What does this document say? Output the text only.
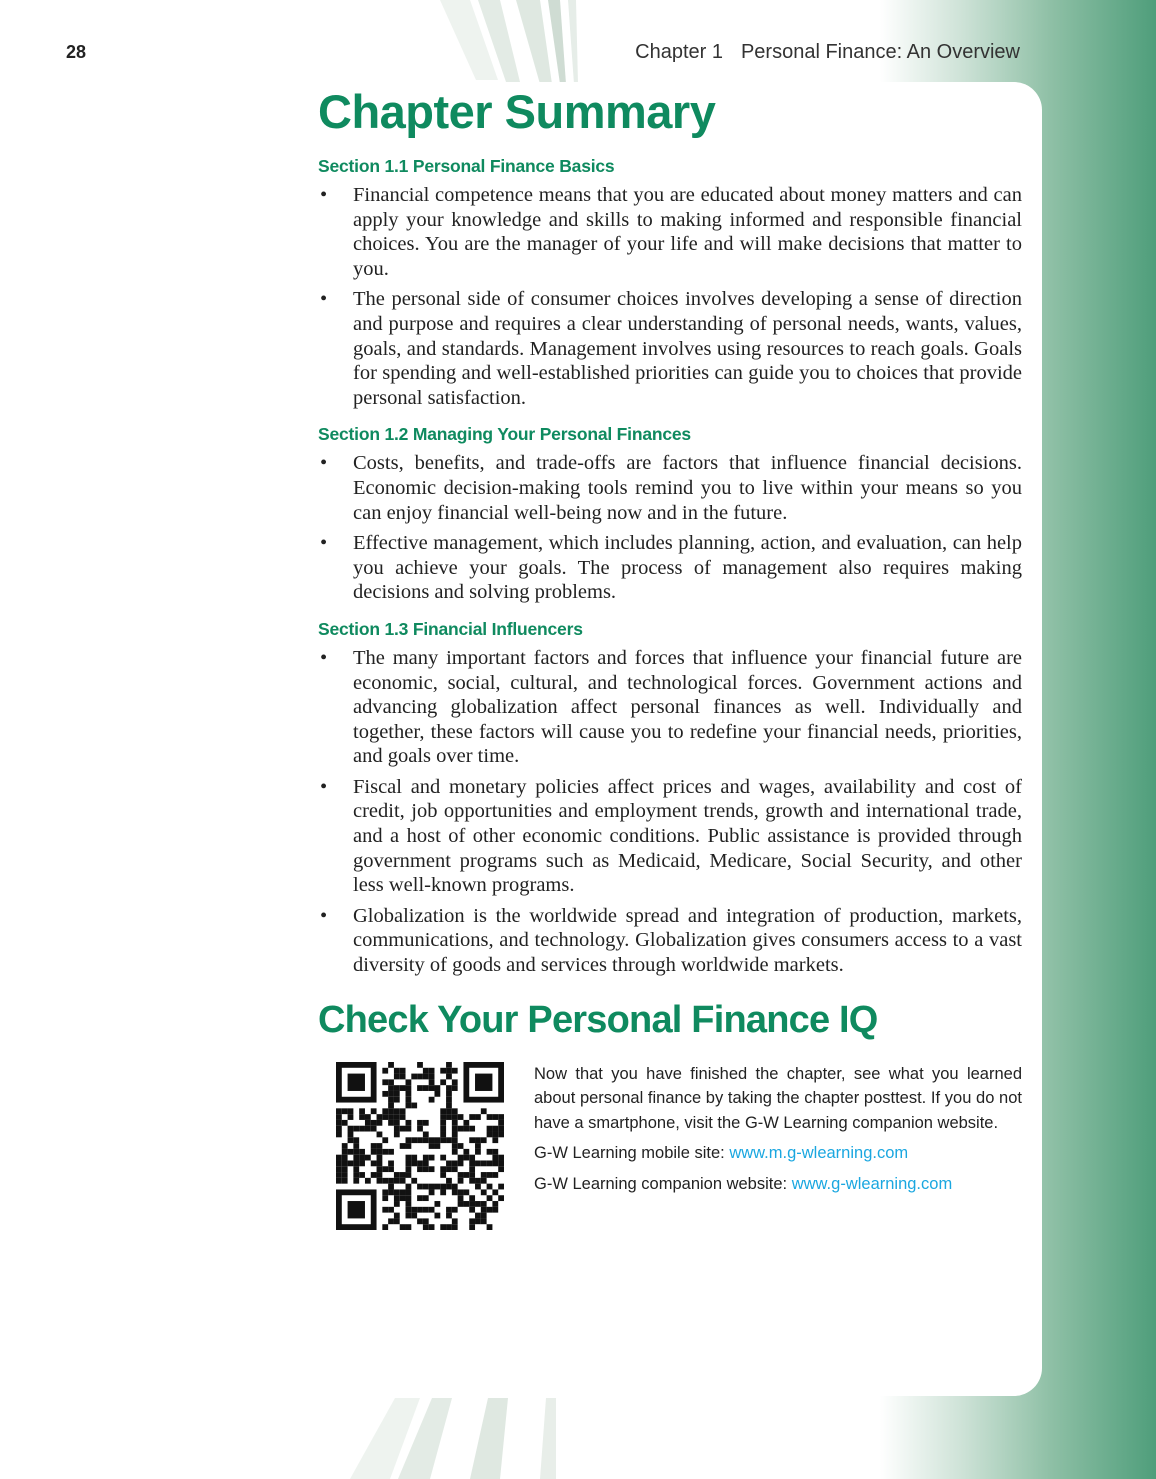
28	Chapter 1 Personal Finance: An Overview
Chapter Summary
Section 1.1 Personal Finance Basics
• Financial competence means that you are educated about money matters and can apply your knowledge and skills to making informed and responsible financial choices. You are the manager of your life and will make decisions that matter to you.
• The personal side of consumer choices involves developing a sense of direction and purpose and requires a clear understanding of personal needs, wants, values, goals, and standards. Management involves using resources to reach goals. Goals for spending and well-established priorities can guide you to choices that provide personal satisfaction.
Section 1.2 Managing Your Personal Finances
• Costs, benefits, and trade-offs are factors that influence financial decisions. Economic decision-making tools remind you to live within your means so you can enjoy financial well-being now and in the future.
• Effective management, which includes planning, action, and evaluation, can help you achieve your goals. The process of management also requires making decisions and solving problems.
Section 1.3 Financial Influencers
• The many important factors and forces that influence your financial future are economic, social, cultural, and technological forces. Government actions and advancing globalization affect personal finances as well. Individually and together, these factors will cause you to redefine your financial needs, priorities, and goals over time.
• Fiscal and monetary policies affect prices and wages, availability and cost of credit, job opportunities and employment trends, growth and international trade, and a host of other economic conditions. Public assistance is provided through government programs such as Medicaid, Medicare, Social Security, and other less well-known programs.
• Globalization is the worldwide spread and integration of production, markets, communications, and technology. Globalization gives consumers access to a vast diversity of goods and services through worldwide markets.
Check Your Personal Finance IQ

Now that you have finished the chapter, see what you learned about personal finance by taking the chapter posttest. If you do not have a smartphone, visit the G-W Learning companion website.

G-W Learning mobile site: www.m.g-wlearning.com

G-W Learning companion website: www.g-wlearning.com
